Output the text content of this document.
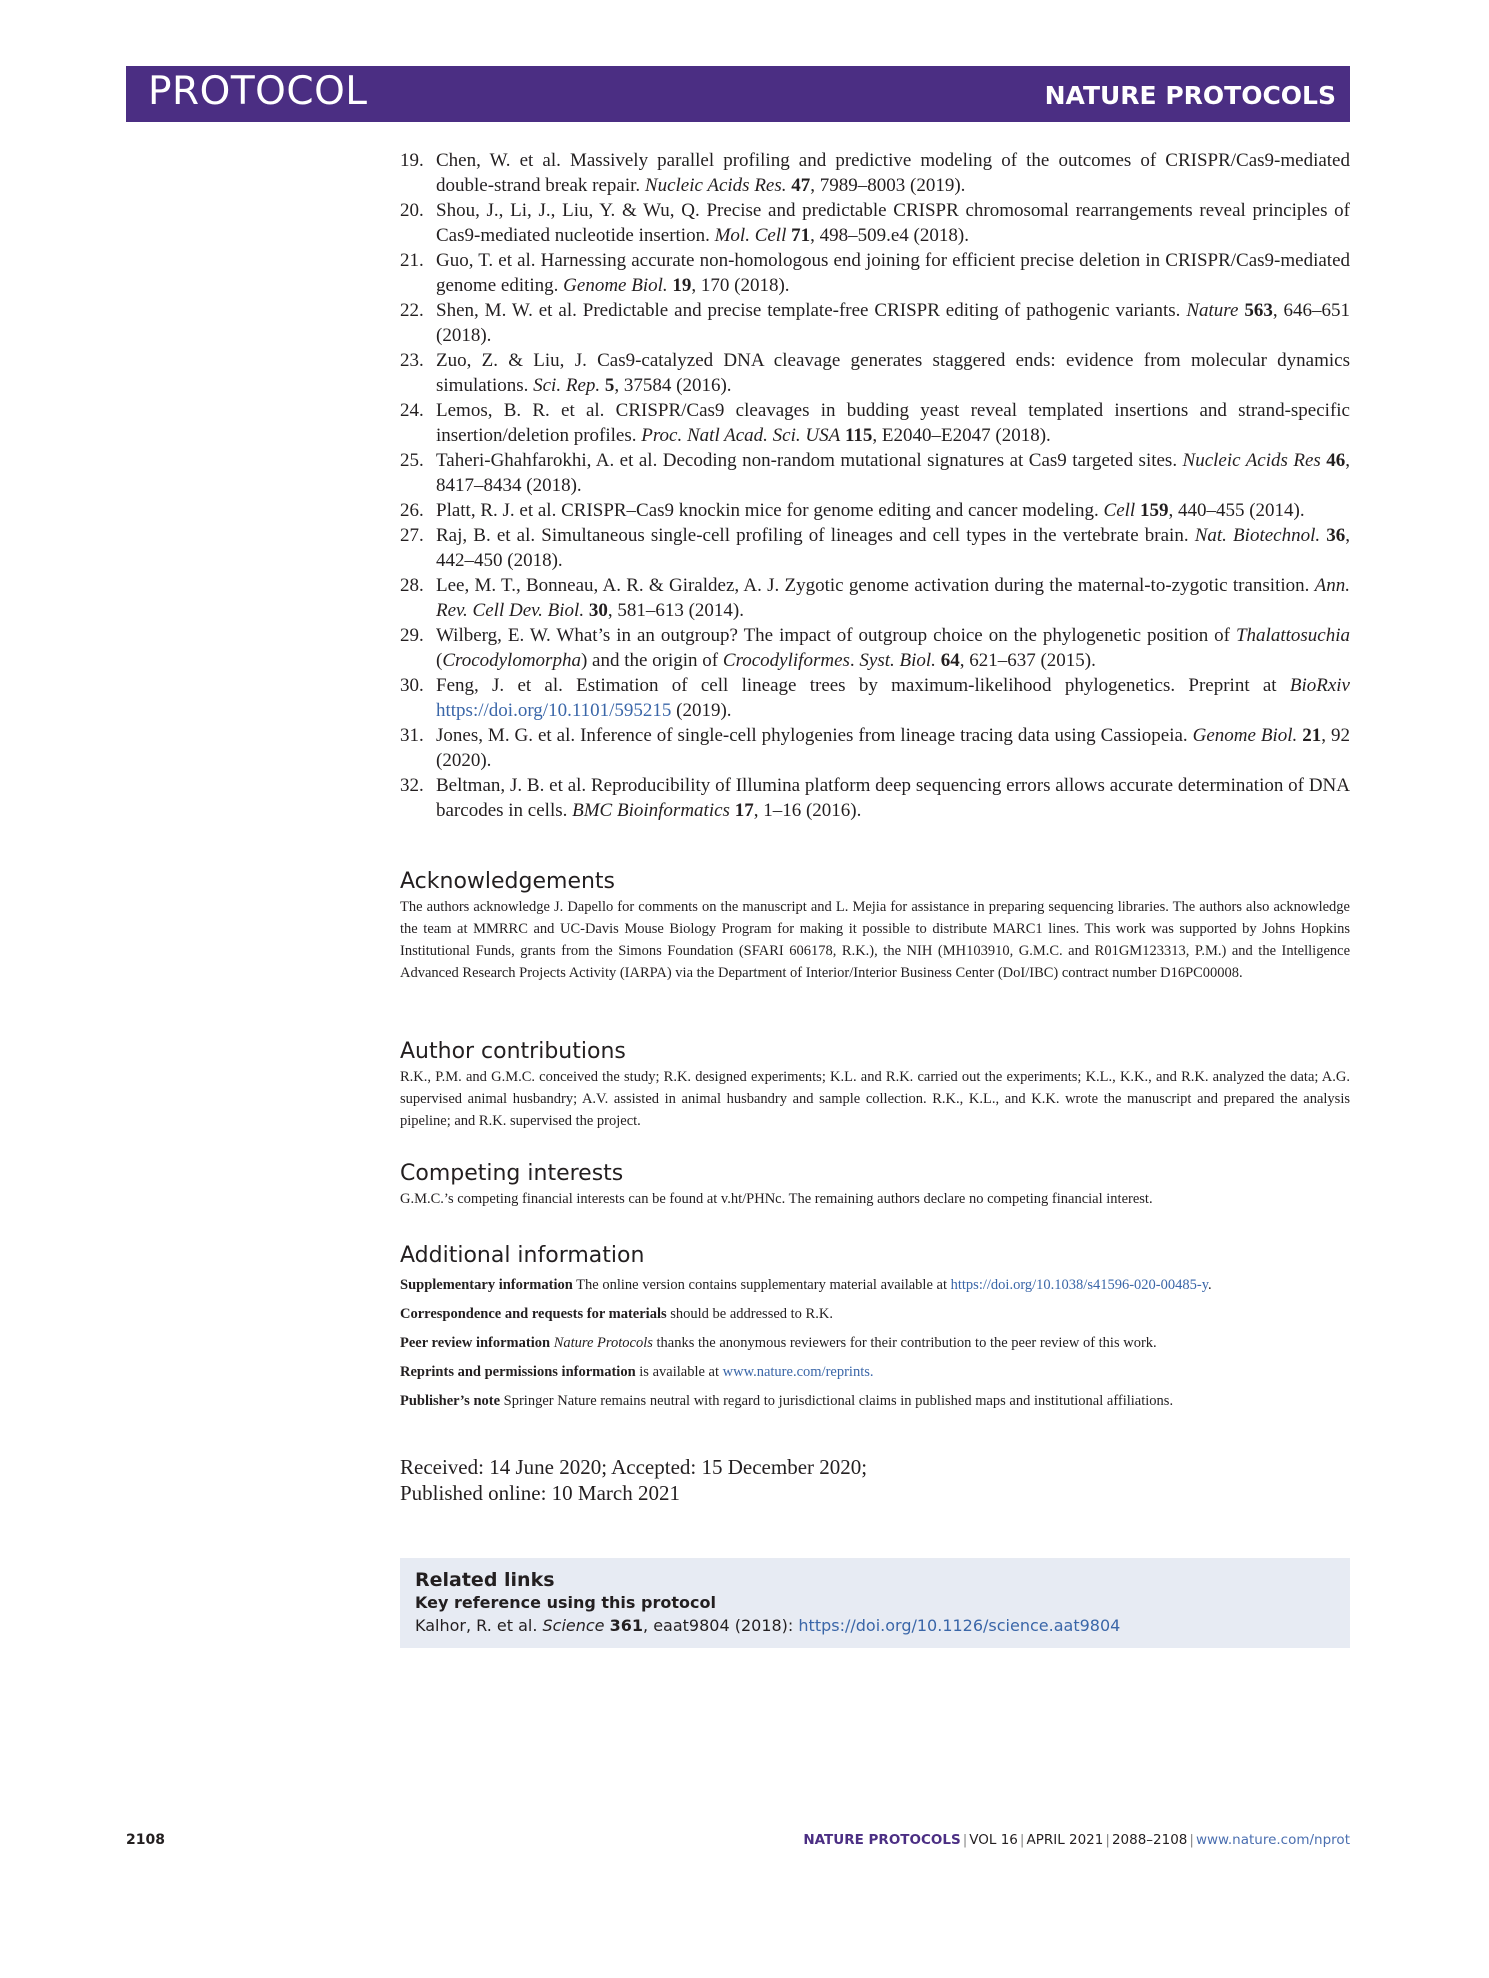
PROTOCOL	NATURE PROTOCOLS
19. Chen, W. et al. Massively parallel profiling and predictive modeling of the outcomes of CRISPR/Cas9-mediated double-strand break repair. Nucleic Acids Res. 47, 7989–8003 (2019).
20. Shou, J., Li, J., Liu, Y. & Wu, Q. Precise and predictable CRISPR chromosomal rearrangements reveal principles of Cas9-mediated nucleotide insertion. Mol. Cell 71, 498–509.e4 (2018).
21. Guo, T. et al. Harnessing accurate non-homologous end joining for efficient precise deletion in CRISPR/Cas9-mediated genome editing. Genome Biol. 19, 170 (2018).
22. Shen, M. W. et al. Predictable and precise template-free CRISPR editing of pathogenic variants. Nature 563, 646–651 (2018).
23. Zuo, Z. & Liu, J. Cas9-catalyzed DNA cleavage generates staggered ends: evidence from molecular dynamics simulations. Sci. Rep. 5, 37584 (2016).
24. Lemos, B. R. et al. CRISPR/Cas9 cleavages in budding yeast reveal templated insertions and strand-specific insertion/deletion profiles. Proc. Natl Acad. Sci. USA 115, E2040–E2047 (2018).
25. Taheri-Ghahfarokhi, A. et al. Decoding non-random mutational signatures at Cas9 targeted sites. Nucleic Acids Res 46, 8417–8434 (2018).
26. Platt, R. J. et al. CRISPR–Cas9 knockin mice for genome editing and cancer modeling. Cell 159, 440–455 (2014).
27. Raj, B. et al. Simultaneous single-cell profiling of lineages and cell types in the vertebrate brain. Nat. Biotechnol. 36, 442–450 (2018).
28. Lee, M. T., Bonneau, A. R. & Giraldez, A. J. Zygotic genome activation during the maternal-to-zygotic transition. Ann. Rev. Cell Dev. Biol. 30, 581–613 (2014).
29. Wilberg, E. W. What’s in an outgroup? The impact of outgroup choice on the phylogenetic position of Thalattosuchia (Crocodylomorpha) and the origin of Crocodyliformes. Syst. Biol. 64, 621–637 (2015).
30. Feng, J. et al. Estimation of cell lineage trees by maximum-likelihood phylogenetics. Preprint at BioRxiv https://doi.org/10.1101/595215 (2019).
31. Jones, M. G. et al. Inference of single-cell phylogenies from lineage tracing data using Cassiopeia. Genome Biol. 21, 92 (2020).
32. Beltman, J. B. et al. Reproducibility of Illumina platform deep sequencing errors allows accurate determination of DNA barcodes in cells. BMC Bioinformatics 17, 1–16 (2016).
Acknowledgements

The authors acknowledge J. Dapello for comments on the manuscript and L. Mejia for assistance in preparing sequencing libraries. The authors also acknowledge the team at MMRRC and UC-Davis Mouse Biology Program for making it possible to distribute MARC1 lines. This work was supported by Johns Hopkins Institutional Funds, grants from the Simons Foundation (SFARI 606178, R.K.), the NIH (MH103910, G.M.C. and R01GM123313, P.M.) and the Intelligence Advanced Research Projects Activity (IARPA) via the Department of Interior/Interior Business Center (DoI/IBC) contract number D16PC00008.

Author contributions

R.K., P.M. and G.M.C. conceived the study; R.K. designed experiments; K.L. and R.K. carried out the experiments; K.L., K.K., and R.K. analyzed the data; A.G. supervised animal husbandry; A.V. assisted in animal husbandry and sample collection. R.K., K.L., and K.K. wrote the manuscript and prepared the analysis pipeline; and R.K. supervised the project.

Competing interests

G.M.C.’s competing financial interests can be found at v.ht/PHNc. The remaining authors declare no competing financial interest.

Additional information

Supplementary information The online version contains supplementary material available at https://doi.org/10.1038/s41596-020-00485-y.

Correspondence and requests for materials should be addressed to R.K.

Peer review information Nature Protocols thanks the anonymous reviewers for their contribution to the peer review of this work.

Reprints and permissions information is available at www.nature.com/reprints.

Publisher’s note Springer Nature remains neutral with regard to jurisdictional claims in published maps and institutional affiliations.

Received: 14 June 2020; Accepted: 15 December 2020;
Published online: 10 March 2021
Related links
Key reference using this protocol
Kalhor, R. et al. Science 361, eaat9804 (2018): https://doi.org/10.1126/science.aat9804
2108	NATURE PROTOCOLS | VOL 16 | APRIL 2021 | 2088–2108 | www.nature.com/nprot
